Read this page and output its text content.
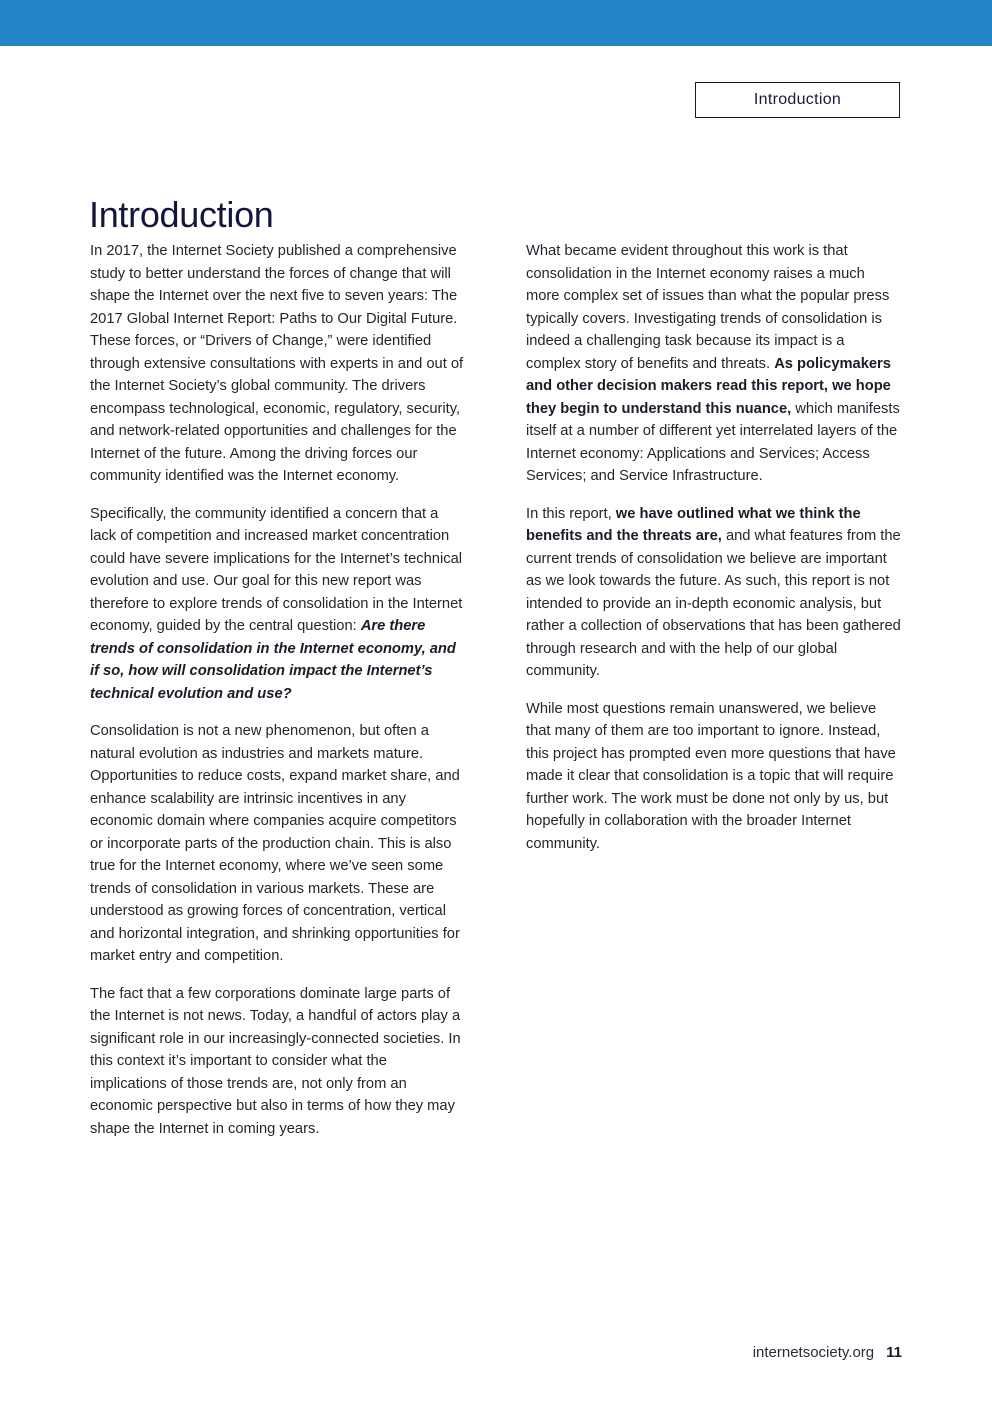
Introduction
Introduction

In 2017, the Internet Society published a comprehensive study to better understand the forces of change that will shape the Internet over the next five to seven years: The 2017 Global Internet Report: Paths to Our Digital Future. These forces, or “Drivers of Change,” were identified through extensive consultations with experts in and out of the Internet Society’s global community. The drivers encompass technological, economic, regulatory, security, and network-related opportunities and challenges for the Internet of the future. Among the driving forces our community identified was the Internet economy.

Specifically, the community identified a concern that a lack of competition and increased market concentration could have severe implications for the Internet’s technical evolution and use. Our goal for this new report was therefore to explore trends of consolidation in the Internet economy, guided by the central question: Are there trends of consolidation in the Internet economy, and if so, how will consolidation impact the Internet’s technical evolution and use?

Consolidation is not a new phenomenon, but often a natural evolution as industries and markets mature. Opportunities to reduce costs, expand market share, and enhance scalability are intrinsic incentives in any economic domain where companies acquire competitors or incorporate parts of the production chain. This is also true for the Internet economy, where we’ve seen some trends of consolidation in various markets. These are understood as growing forces of concentration, vertical and horizontal integration, and shrinking opportunities for market entry and competition.

The fact that a few corporations dominate large parts of the Internet is not news. Today, a handful of actors play a significant role in our increasingly-connected societies. In this context it’s important to consider what the implications of those trends are, not only from an economic perspective but also in terms of how they may shape the Internet in coming years.

What became evident throughout this work is that consolidation in the Internet economy raises a much more complex set of issues than what the popular press typically covers. Investigating trends of consolidation is indeed a challenging task because its impact is a complex story of benefits and threats. As policymakers and other decision makers read this report, we hope they begin to understand this nuance, which manifests itself at a number of different yet interrelated layers of the Internet economy: Applications and Services; Access Services; and Service Infrastructure.

In this report, we have outlined what we think the benefits and the threats are, and what features from the current trends of consolidation we believe are important as we look towards the future. As such, this report is not intended to provide an in-depth economic analysis, but rather a collection of observations that has been gathered through research and with the help of our global community.

While most questions remain unanswered, we believe that many of them are too important to ignore. Instead, this project has prompted even more questions that have made it clear that consolidation is a topic that will require further work. The work must be done not only by us, but hopefully in collaboration with the broader Internet community.

internetsociety.org 11
